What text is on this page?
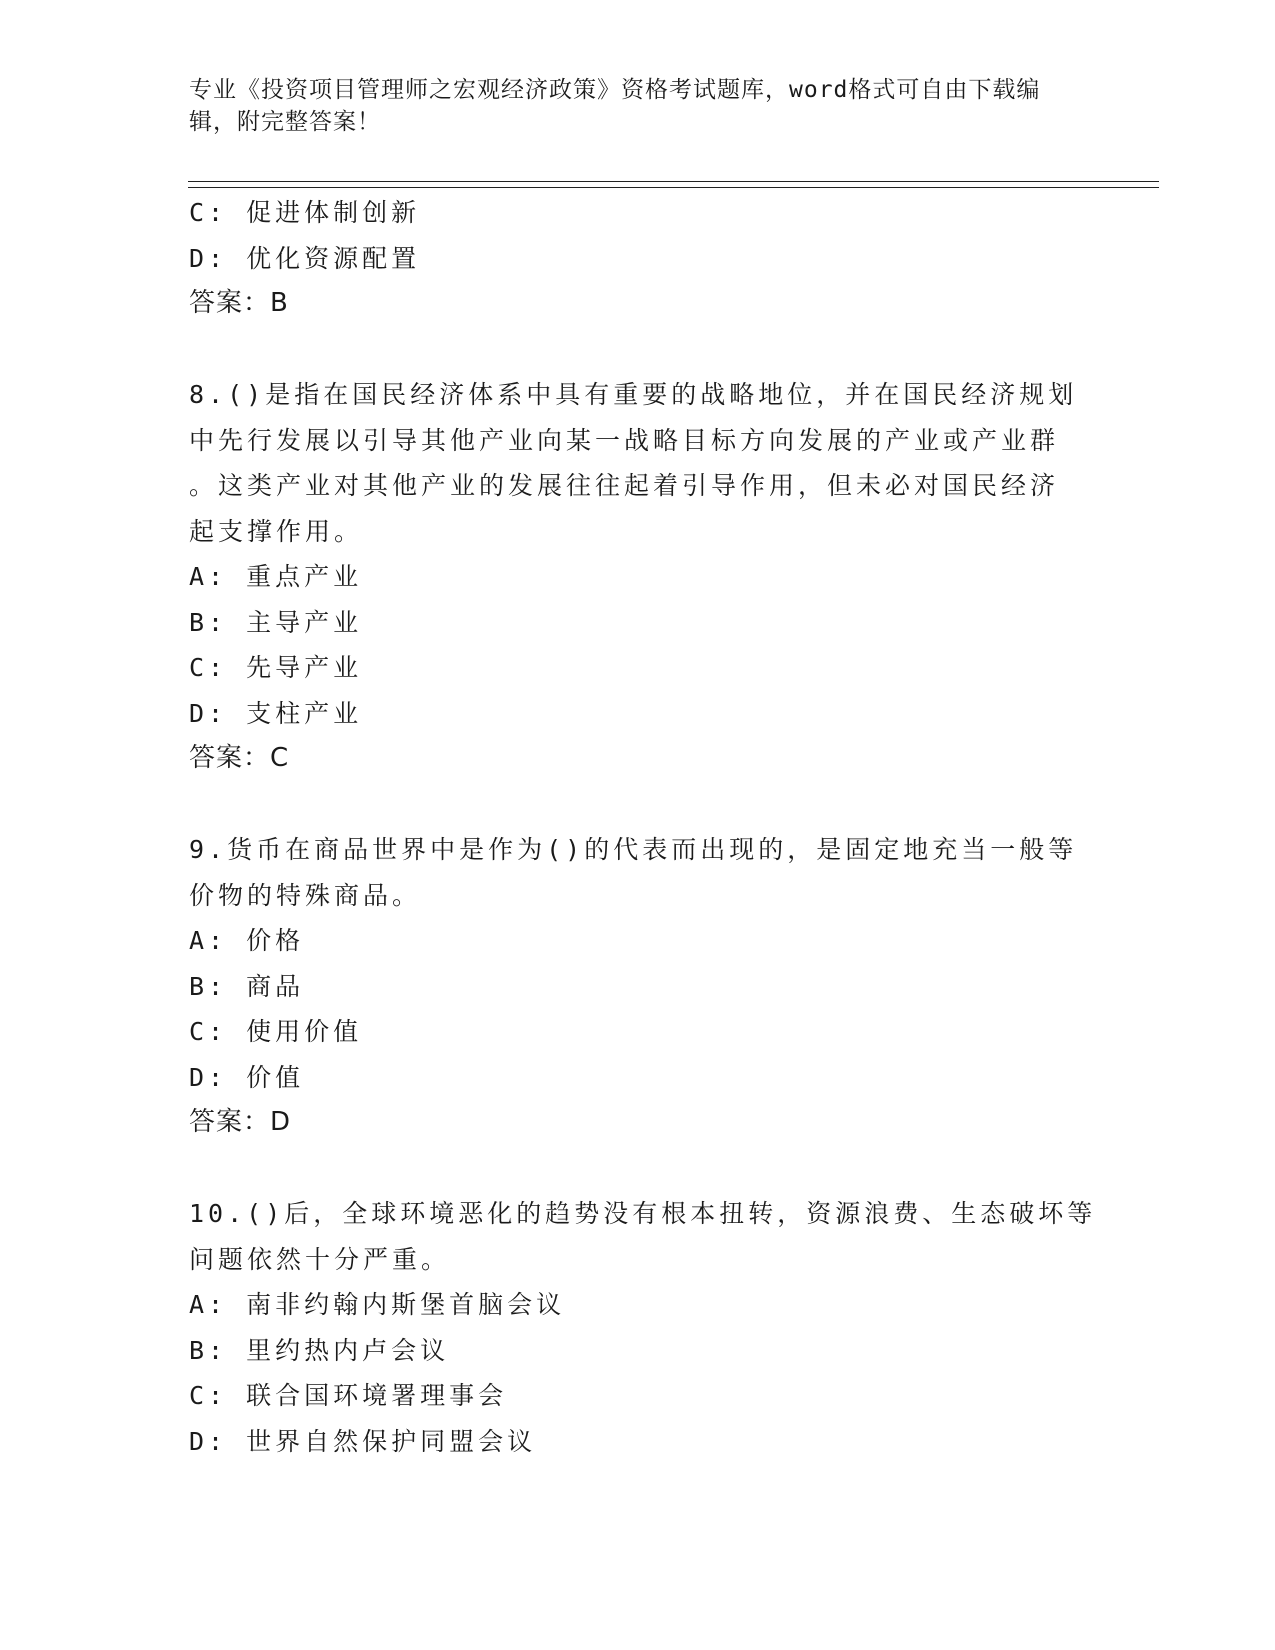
专业《投资项目管理师之宏观经济政策》资格考试题库，word格式可自由下载编
辑，附完整答案！
C: 促进体制创新
D: 优化资源配置
答案：B
8.()是指在国民经济体系中具有重要的战略地位，并在国民经济规划
中先行发展以引导其他产业向某一战略目标方向发展的产业或产业群
。这类产业对其他产业的发展往往起着引导作用，但未必对国民经济
起支撑作用。
A: 重点产业
B: 主导产业
C: 先导产业
D: 支柱产业
答案：C
9.货币在商品世界中是作为()的代表而出现的，是固定地充当一般等
价物的特殊商品。
A: 价格
B: 商品
C: 使用价值
D: 价值
答案：D
10.()后，全球环境恶化的趋势没有根本扭转，资源浪费、生态破坏等
问题依然十分严重。
A: 南非约翰内斯堡首脑会议
B: 里约热内卢会议
C: 联合国环境署理事会
D: 世界自然保护同盟会议
